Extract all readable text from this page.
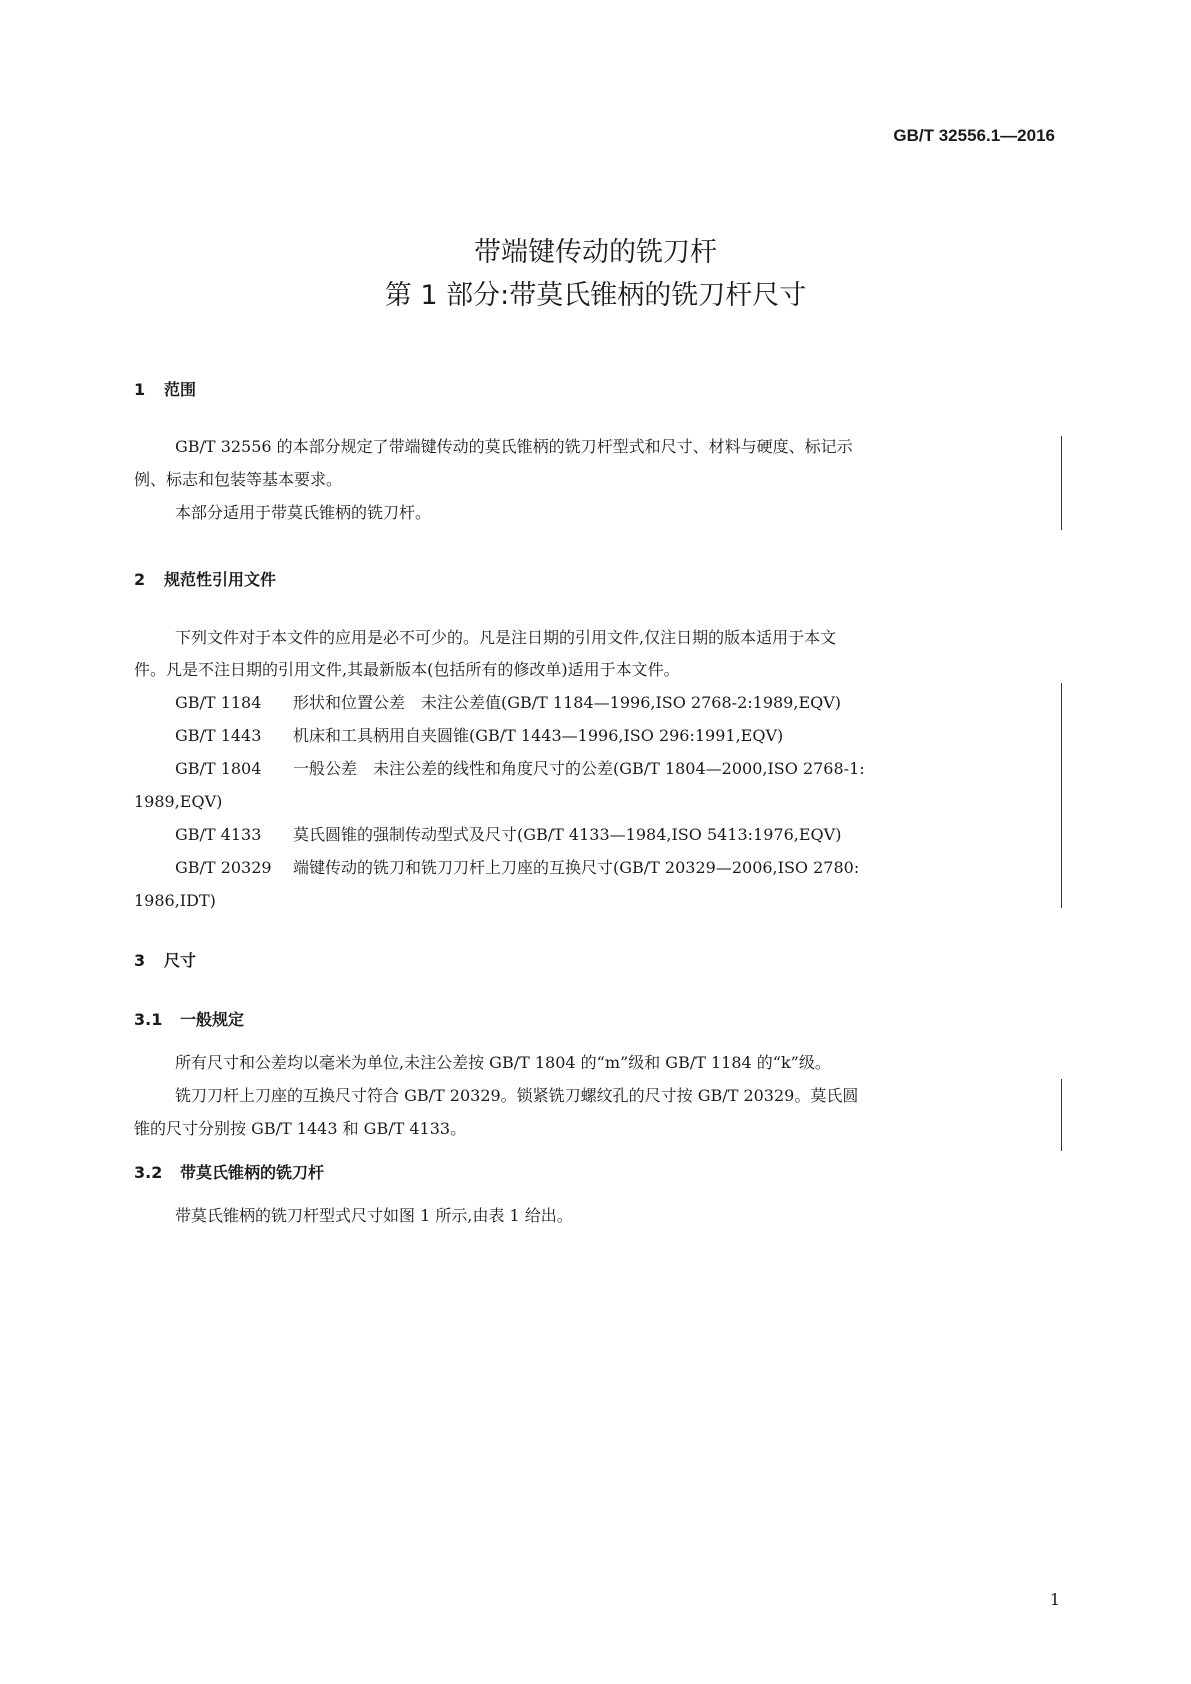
GB/T 32556.1—2016
带端键传动的铣刀杆
第 1 部分:带莫氏锥柄的铣刀杆尺寸
1 范围
GB/T 32556 的本部分规定了带端键传动的莫氏锥柄的铣刀杆型式和尺寸、材料与硬度、标记示
例、标志和包装等基本要求。
本部分适用于带莫氏锥柄的铣刀杆。
2 规范性引用文件
下列文件对于本文件的应用是必不可少的。凡是注日期的引用文件,仅注日期的版本适用于本文
件。凡是不注日期的引用文件,其最新版本(包括所有的修改单)适用于本文件。
GB/T 1184 形状和位置公差　未注公差值(GB/T 1184—1996,ISO 2768-2:1989,EQV)
GB/T 1443 机床和工具柄用自夹圆锥(GB/T 1443—1996,ISO 296:1991,EQV)
GB/T 1804 一般公差　未注公差的线性和角度尺寸的公差(GB/T 1804—2000,ISO 2768-1:
1989,EQV)
GB/T 4133 莫氏圆锥的强制传动型式及尺寸(GB/T 4133—1984,ISO 5413:1976,EQV)
GB/T 20329 端键传动的铣刀和铣刀刀杆上刀座的互换尺寸(GB/T 20329—2006,ISO 2780:
1986,IDT)
3 尺寸
3.1 一般规定
所有尺寸和公差均以毫米为单位,未注公差按 GB/T 1804 的“m”级和 GB/T 1184 的“k”级。
铣刀刀杆上刀座的互换尺寸符合 GB/T 20329。锁紧铣刀螺纹孔的尺寸按 GB/T 20329。莫氏圆
锥的尺寸分别按 GB/T 1443 和 GB/T 4133。
3.2 带莫氏锥柄的铣刀杆
带莫氏锥柄的铣刀杆型式尺寸如图 1 所示,由表 1 给出。
1
